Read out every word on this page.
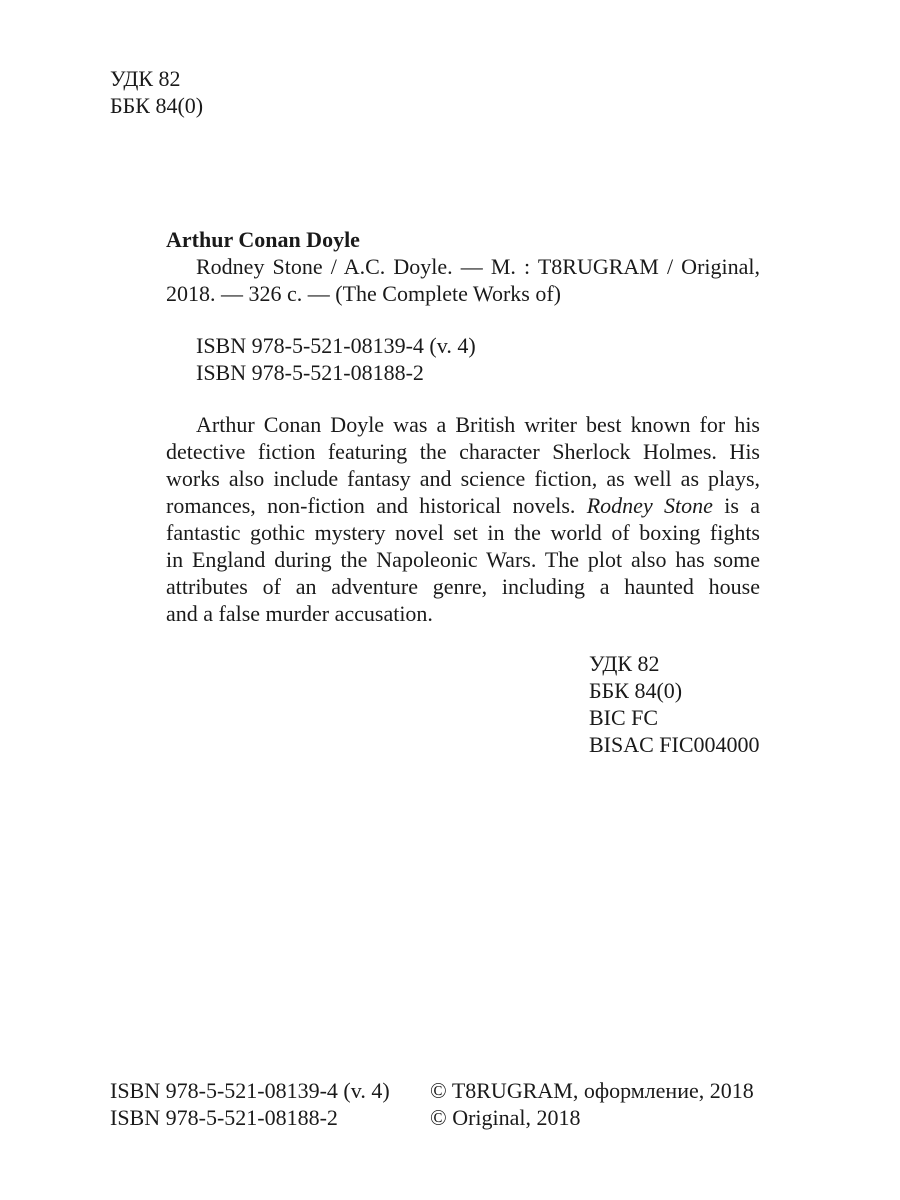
УДК 82
ББК 84(0)
Arthur Conan Doyle
Rodney Stone / A.C. Doyle. — M. : T8RUGRAM / Original,
2018. — 326 c. — (The Complete Works of)
ISBN 978-5-521-08139-4 (v. 4)
ISBN 978-5-521-08188-2
Arthur Conan Doyle was a British writer best known for his
detective fiction featuring the character Sherlock Holmes. His
works also include fantasy and science fiction, as well as plays,
romances, non-fiction and historical novels. Rodney Stone is a
fantastic gothic mystery novel set in the world of boxing fights
in England during the Napoleonic Wars. The plot also has some
attributes of an adventure genre, including a haunted house
and a false murder accusation.
УДК 82
ББК 84(0)
BIC FC
BISAC FIC004000
ISBN 978-5-521-08139-4 (v. 4)
ISBN 978-5-521-08188-2
© T8RUGRAM, оформление, 2018
© Original, 2018
